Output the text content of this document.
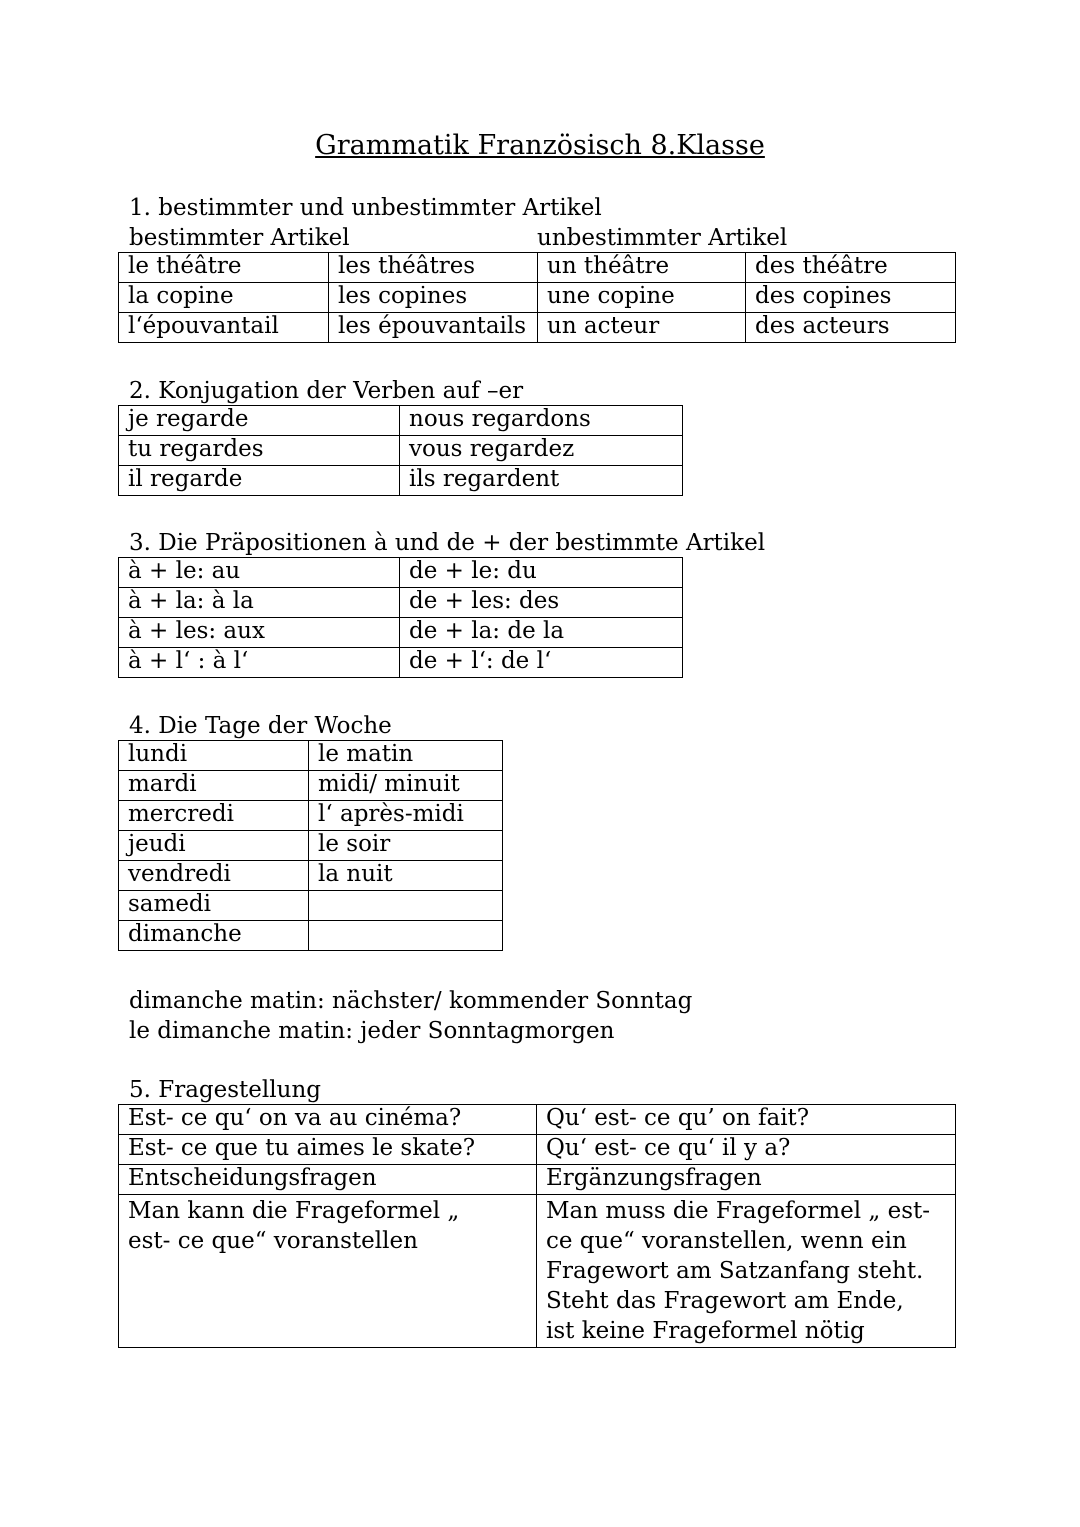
Grammatik Französisch 8.Klasse
1. bestimmter und unbestimmter Artikel
bestimmter Artikel	unbestimmter Artikel
le théâtre	les théâtres	un théâtre	des théâtre
la copine	les copines	une copine	des copines
l‘épouvantail	les épouvantails	un acteur	des acteurs
2. Konjugation der Verben auf –er
je regarde	nous regardons
tu regardes	vous regardez
il regarde	ils regardent
3. Die Präpositionen à und de + der bestimmte Artikel
à + le: au	de + le: du
à + la: à la	de + les: des
à + les: aux	de + la: de la
à + l‘ : à l‘	de + l‘: de l‘
4. Die Tage der Woche
lundi	le matin
mardi	midi/ minuit
mercredi	l‘ après-midi
jeudi	le soir
vendredi	la nuit
samedi	
dimanche	
dimanche matin: nächster/ kommender Sonntag
le dimanche matin: jeder Sonntagmorgen
5. Fragestellung
Est- ce qu‘ on va au cinéma?	Qu‘ est- ce qu’ on fait?
Est- ce que tu aimes le skate?	Qu‘ est- ce qu‘ il y a?
Entscheidungsfragen	Ergänzungsfragen
Man kann die Frageformel „ est- ce que“ voranstellen	Man muss die Frageformel „ est- ce que“ voranstellen, wenn ein Fragewort am Satzanfang steht. Steht das Fragewort am Ende, ist keine Frageformel nötig
